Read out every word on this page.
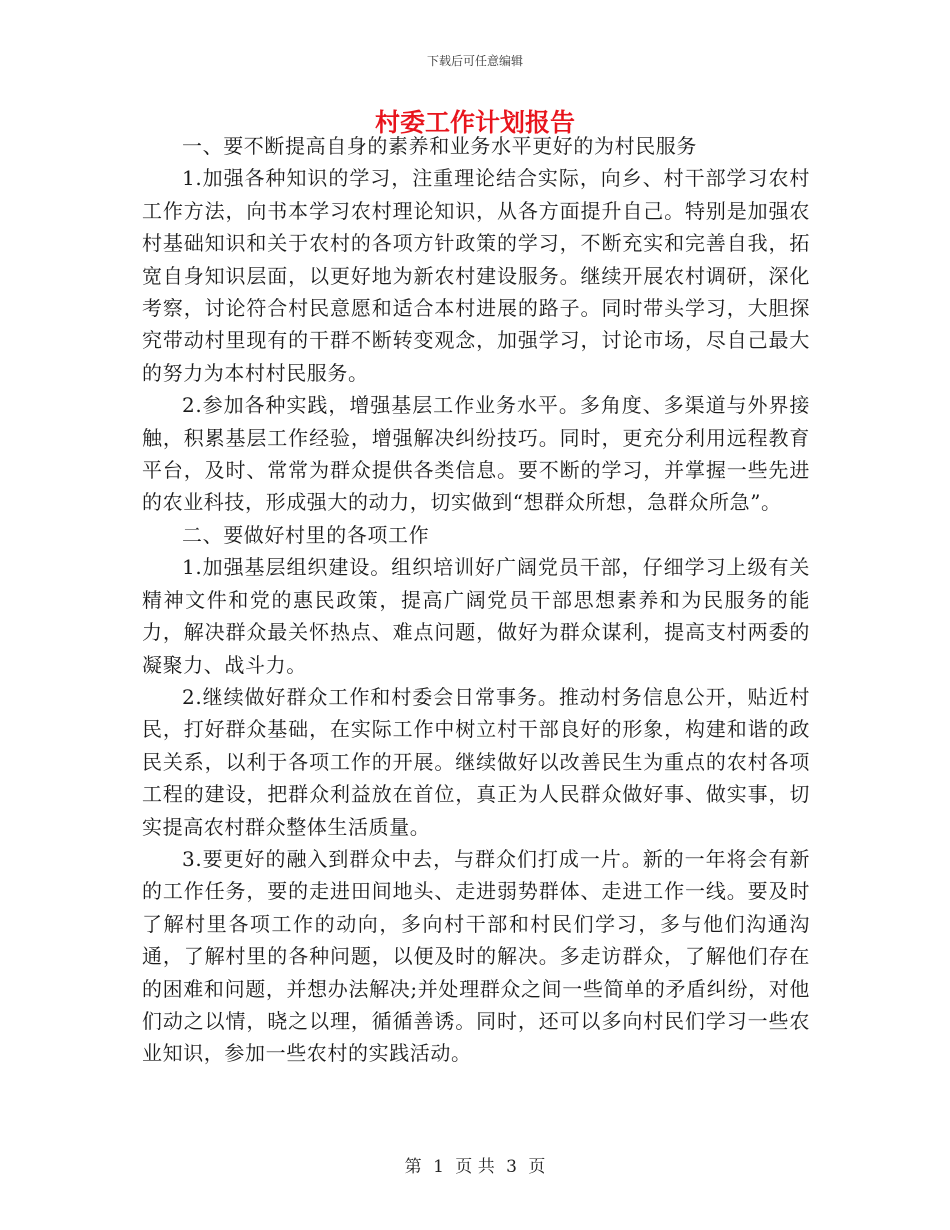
下载后可任意编辑
村委工作计划报告

一、要不断提高自身的素养和业务水平更好的为村民服务

1.加强各种知识的学习，注重理论结合实际，向乡、村干部学习农村工作方法，向书本学习农村理论知识，从各方面提升自己。特别是加强农村基础知识和关于农村的各项方针政策的学习，不断充实和完善自我，拓宽自身知识层面，以更好地为新农村建设服务。继续开展农村调研，深化考察，讨论符合村民意愿和适合本村进展的路子。同时带头学习，大胆探究带动村里现有的干群不断转变观念，加强学习，讨论市场，尽自己最大的努力为本村村民服务。

2.参加各种实践，增强基层工作业务水平。多角度、多渠道与外界接触，积累基层工作经验，增强解决纠纷技巧。同时，更充分利用远程教育平台，及时、常常为群众提供各类信息。要不断的学习，并掌握一些先进的农业科技，形成强大的动力，切实做到“想群众所想，急群众所急”。

二、要做好村里的各项工作

1.加强基层组织建设。组织培训好广阔党员干部，仔细学习上级有关精神文件和党的惠民政策，提高广阔党员干部思想素养和为民服务的能力，解决群众最关怀热点、难点问题，做好为群众谋利，提高支村两委的凝聚力、战斗力。

2.继续做好群众工作和村委会日常事务。推动村务信息公开，贴近村民，打好群众基础，在实际工作中树立村干部良好的形象，构建和谐的政民关系，以利于各项工作的开展。继续做好以改善民生为重点的农村各项工程的建设，把群众利益放在首位，真正为人民群众做好事、做实事，切实提高农村群众整体生活质量。

3.要更好的融入到群众中去，与群众们打成一片。新的一年将会有新的工作任务，要的走进田间地头、走进弱势群体、走进工作一线。要及时了解村里各项工作的动向，多向村干部和村民们学习，多与他们沟通沟通，了解村里的各种问题，以便及时的解决。多走访群众，了解他们存在的困难和问题，并想办法解决;并处理群众之间一些简单的矛盾纠纷，对他们动之以情，晓之以理，循循善诱。同时，还可以多向村民们学习一些农业知识，参加一些农村的实践活动。

第 1 页 共 3 页
